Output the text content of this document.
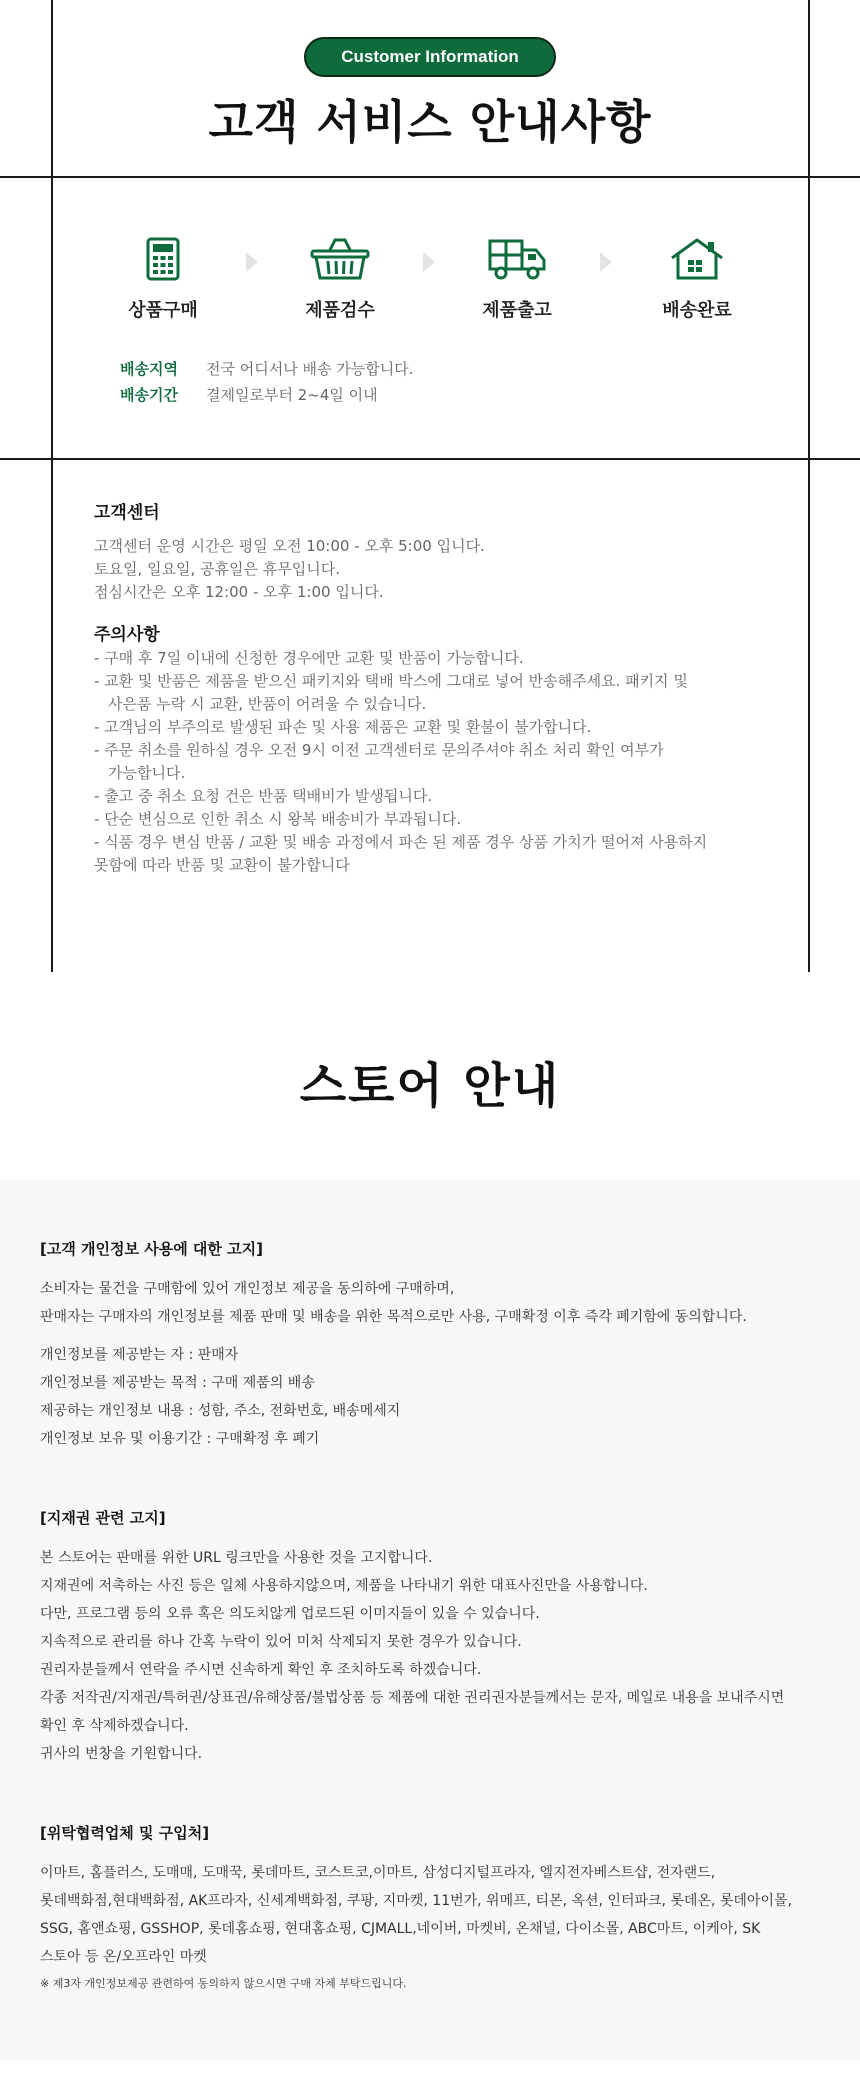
Customer Information
고객 서비스 안내사항
상품구매	제품검수	제품출고	배송완료
배송지역	전국 어디서나 배송 가능합니다.
배송기간	결제일로부터 2~4일 이내
고객센터
고객센터 운영 시간은 평일 오전 10:00 - 오후 5:00 입니다.
토요일, 일요일, 공휴일은 휴무입니다.
점심시간은 오후 12:00 - 오후 1:00 입니다.
주의사항
- 구매 후 7일 이내에 신청한 경우에만 교환 및 반품이 가능합니다.
- 교환 및 반품은 제품을 받으신 패키지와 택배 박스에 그대로 넣어 반송해주세요. 패키지 및
사은품 누락 시 교환, 반품이 어려울 수 있습니다.
- 고객님의 부주의로 발생된 파손 및 사용 제품은 교환 및 환불이 불가합니다.
- 주문 취소를 원하실 경우 오전 9시 이전 고객센터로 문의주셔야 취소 처리 확인 여부가
가능합니다.
- 출고 중 취소 요청 건은 반품 택배비가 발생됩니다.
- 단순 변심으로 인한 취소 시 왕복 배송비가 부과됩니다.
- 식품 경우 변심 반품 / 교환 및 배송 과정에서 파손 된 제품 경우 상품 가치가 떨어져 사용하지
못함에 따라 반품 및 교환이 불가합니다
스토어 안내
[고객 개인정보 사용에 대한 고지]
소비자는 물건을 구매함에 있어 개인정보 제공을 동의하에 구매하며,
판매자는 구매자의 개인정보를 제품 판매 및 배송을 위한 목적으로만 사용, 구매확정 이후 즉각 폐기함에 동의합니다.
개인정보를 제공받는 자 : 판매자
개인정보를 제공받는 목적 : 구매 제품의 배송
제공하는 개인정보 내용 : 성함, 주소, 전화번호, 배송메세지
개인정보 보유 및 이용기간 : 구매확정 후 폐기
[지재권 관련 고지]
본 스토어는 판매를 위한 URL 링크만을 사용한 것을 고지합니다.
지재권에 저촉하는 사진 등은 일체 사용하지않으며, 제품을 나타내기 위한 대표사진만을 사용합니다.
다만, 프로그램 등의 오류 혹은 의도치않게 업로드된 이미지들이 있을 수 있습니다.
지속적으로 관리를 하나 간혹 누락이 있어 미처 삭제되지 못한 경우가 있습니다.
권리자분들께서 연락을 주시면 신속하게 확인 후 조치하도록 하겠습니다.
각종 저작권/지재권/특허권/상표권/유해상품/불법상품 등 제품에 대한 권리권자분들께서는 문자, 메일로 내용을 보내주시면
확인 후 삭제하겠습니다.
귀사의 번창을 기원합니다.
[위탁협력업체 및 구입처]
이마트, 홈플러스, 도매매, 도매꾹, 롯데마트, 코스트코,이마트, 삼성디지털프라자, 엘지전자베스트샵, 전자랜드,
롯데백화점,현대백화점, AK프라자, 신세계백화점, 쿠팡, 지마켓, 11번가, 위메프, 티몬, 옥션, 인터파크, 롯데온, 롯데아이몰,
SSG, 홈앤쇼핑, GSSHOP, 롯데홈쇼핑, 현대홈쇼핑, CJMALL,네이버, 마켓비, 온채널, 다이소몰, ABC마트, 이케아, SK
스토아 등 온/오프라인 마켓
※ 제3자 개인정보제공 관련하여 동의하지 않으시면 구매 자체 부탁드립니다.
